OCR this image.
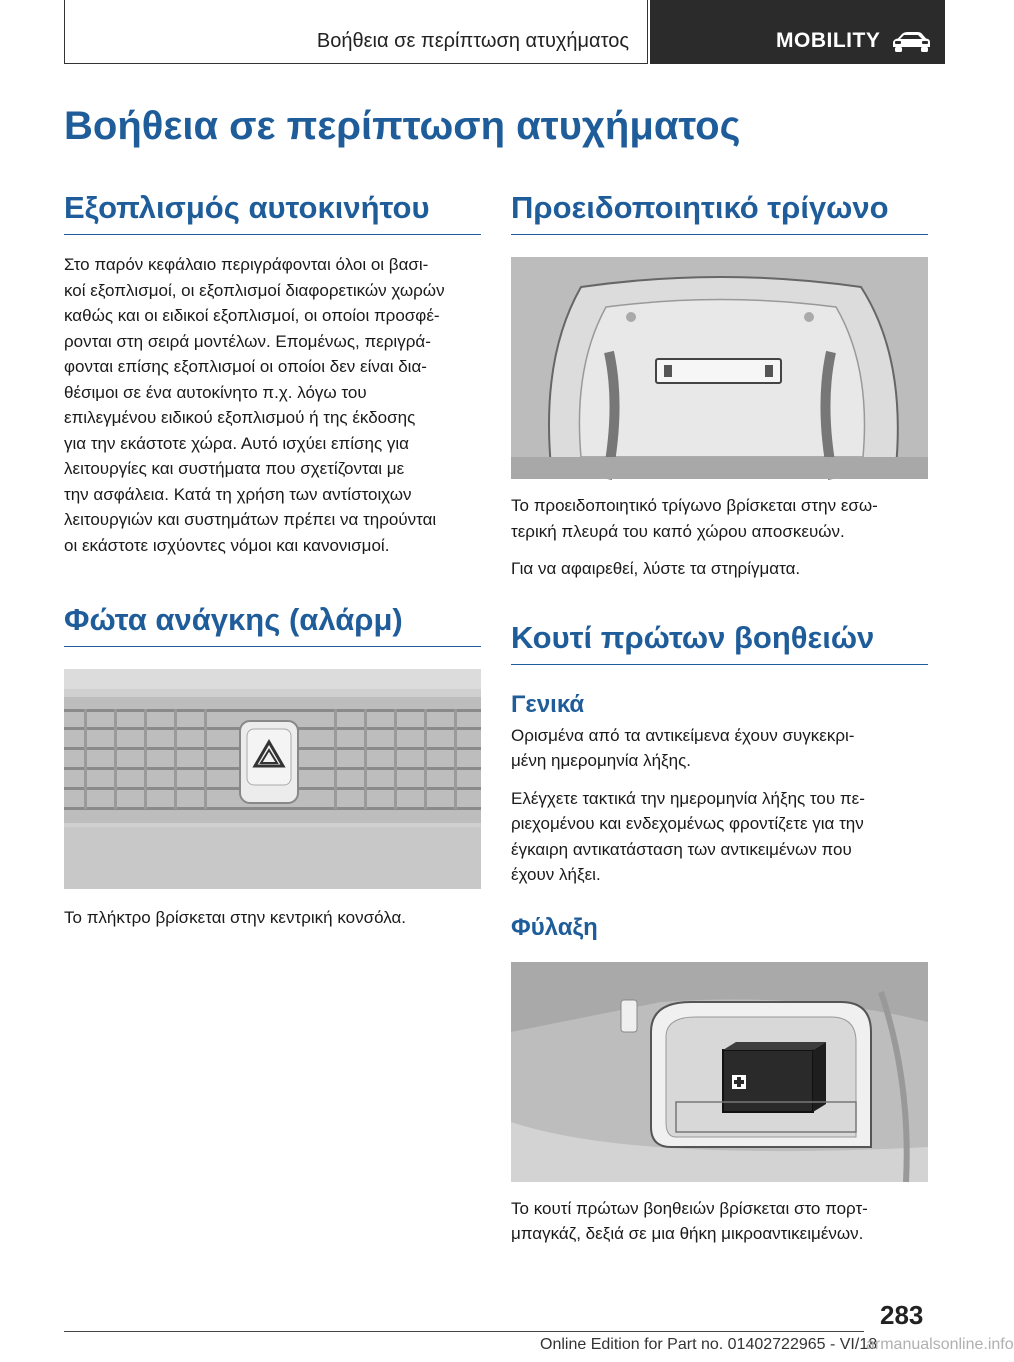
Βοήθεια σε περίπτωση ατυχήματος	MOBILITY
Βοήθεια σε περίπτωση ατυχήματος
Εξοπλισμός αυτοκινήτου

Στο παρόν κεφάλαιο περιγράφονται όλοι οι βασι-

κοί εξοπλισμοί, οι εξοπλισμοί διαφορετικών χωρών

καθώς και οι ειδικοί εξοπλισμοί, οι οποίοι προσφέ-

ρονται στη σειρά μοντέλων. Επομένως, περιγρά-

φονται επίσης εξοπλισμοί οι οποίοι δεν είναι δια-

θέσιμοι σε ένα αυτοκίνητο π.χ. λόγω του

επιλεγμένου ειδικού εξοπλισμού ή της έκδοσης

για την εκάστοτε χώρα. Αυτό ισχύει επίσης για

λειτουργίες και συστήματα που σχετίζονται με

την ασφάλεια. Κατά τη χρήση των αντίστοιχων

λειτουργιών και συστημάτων πρέπει να τηρούνται

οι εκάστοτε ισχύοντες νόμοι και κανονισμοί.

Φώτα ανάγκης (αλάρμ)

Το πλήκτρο βρίσκεται στην κεντρική κονσόλα.

Προειδοποιητικό τρίγωνο

Το προειδοποιητικό τρίγωνο βρίσκεται στην εσω-

τερική πλευρά του καπό χώρου αποσκευών.

Για να αφαιρεθεί, λύστε τα στηρίγματα.

Κουτί πρώτων βοηθειών
Γενικά

Ορισμένα από τα αντικείμενα έχουν συγκεκρι-

μένη ημερομηνία λήξης.

Ελέγχετε τακτικά την ημερομηνία λήξης του πε-

ριεχομένου και ενδεχομένως φροντίζετε για την

έγκαιρη αντικατάσταση των αντικειμένων που

έχουν λήξει.

Φύλαξη

Το κουτί πρώτων βοηθειών βρίσκεται στο πορτ-

μπαγκάζ, δεξιά σε μια θήκη μικροαντικειμένων.

283
Online Edition for Part no. 01402722965 - VI/18
armanualsonline.info
